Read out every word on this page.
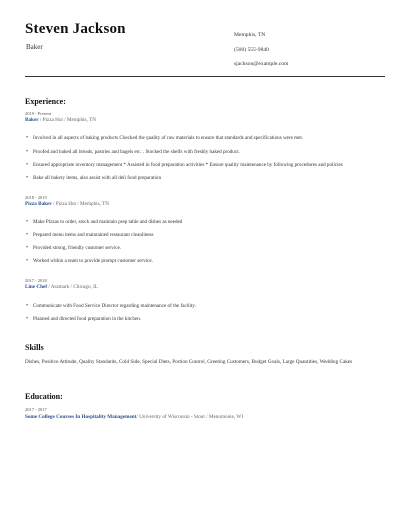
Steven Jackson
Baker
Memphis, TN
(500) 555-9840
sjackson@example.com
Experience:
2019 - Present
Baker / Pizza Hut / Memphis, TN
• Involved in all aspects of baking products Checked the quality of raw materials to ensure that standards and specifications were met.
• Proofed and baked all breads, pastries and bagels etc. . Stocked the shelfs with freshly baked product.
• Ensured appropriate inventory management * Assisted in food preparation activities * Ensure quality maintenance by following procedures and policies
• Bake all bakery items, also assist with all deli food preparation
2018 - 2019
Pizza Baker / Pizza Hut / Memphis, TN
• Make Pizzas to order, stock and maintain prep table and dishes as needed
• Prepared menu items and maintained restaurant cleanliness
• Provided strong, friendly customer service.
• Worked within a team to provide prompt customer service.
2017 - 2018
Line Chef / Aramark / Chicago, IL
• Communicate with Food Service Director regarding maintenance of the facility.
• Planned and directed food preparation in the kitchen.
Skills
Dishes, Positive Attitude, Quality Standards, Cold Side, Special Diets, Portion Control, Greeting Customers, Budget Goals, Large Quantities, Wedding Cakes
Education:
2017 - 2017
Some College Courses In Hospitality Management/ University of Wisconsin - Stout / Menomonie, WI
